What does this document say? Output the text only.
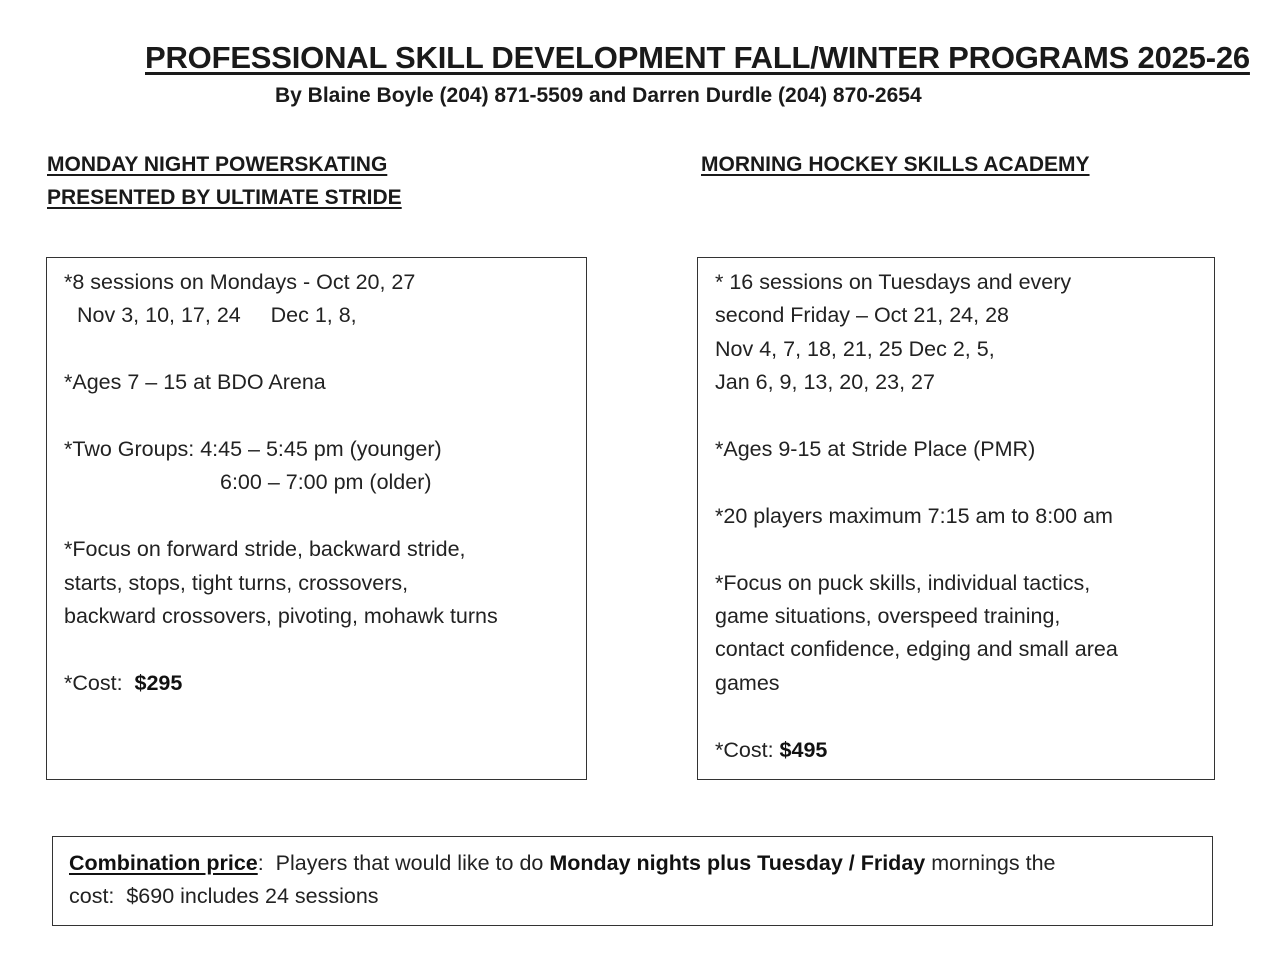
PROFESSIONAL SKILL DEVELOPMENT FALL/WINTER PROGRAMS 2025-26
By Blaine Boyle (204) 871-5509 and Darren Durdle (204) 870-2654
MONDAY NIGHT POWERSKATING
PRESENTED BY ULTIMATE STRIDE
MORNING HOCKEY SKILLS ACADEMY
*8 sessions on Mondays - Oct 20, 27
Nov 3, 10, 17, 24     Dec 1, 8,
*Ages 7 – 15 at BDO Arena
*Two Groups: 4:45 – 5:45 pm (younger)
6:00 – 7:00 pm (older)
*Focus on forward stride, backward stride,
starts, stops, tight turns, crossovers,
backward crossovers, pivoting, mohawk turns
*Cost: $295
* 16 sessions on Tuesdays and every
second Friday – Oct 21, 24, 28
Nov 4, 7, 18, 21, 25 Dec 2, 5,
Jan 6, 9, 13, 20, 23, 27
*Ages 9-15 at Stride Place (PMR)
*20 players maximum 7:15 am to 8:00 am
*Focus on puck skills, individual tactics,
game situations, overspeed training,
contact confidence, edging and small area
games
*Cost: $495
Combination price:  Players that would like to do Monday nights plus Tuesday / Friday mornings the
cost:  $690 includes 24 sessions
